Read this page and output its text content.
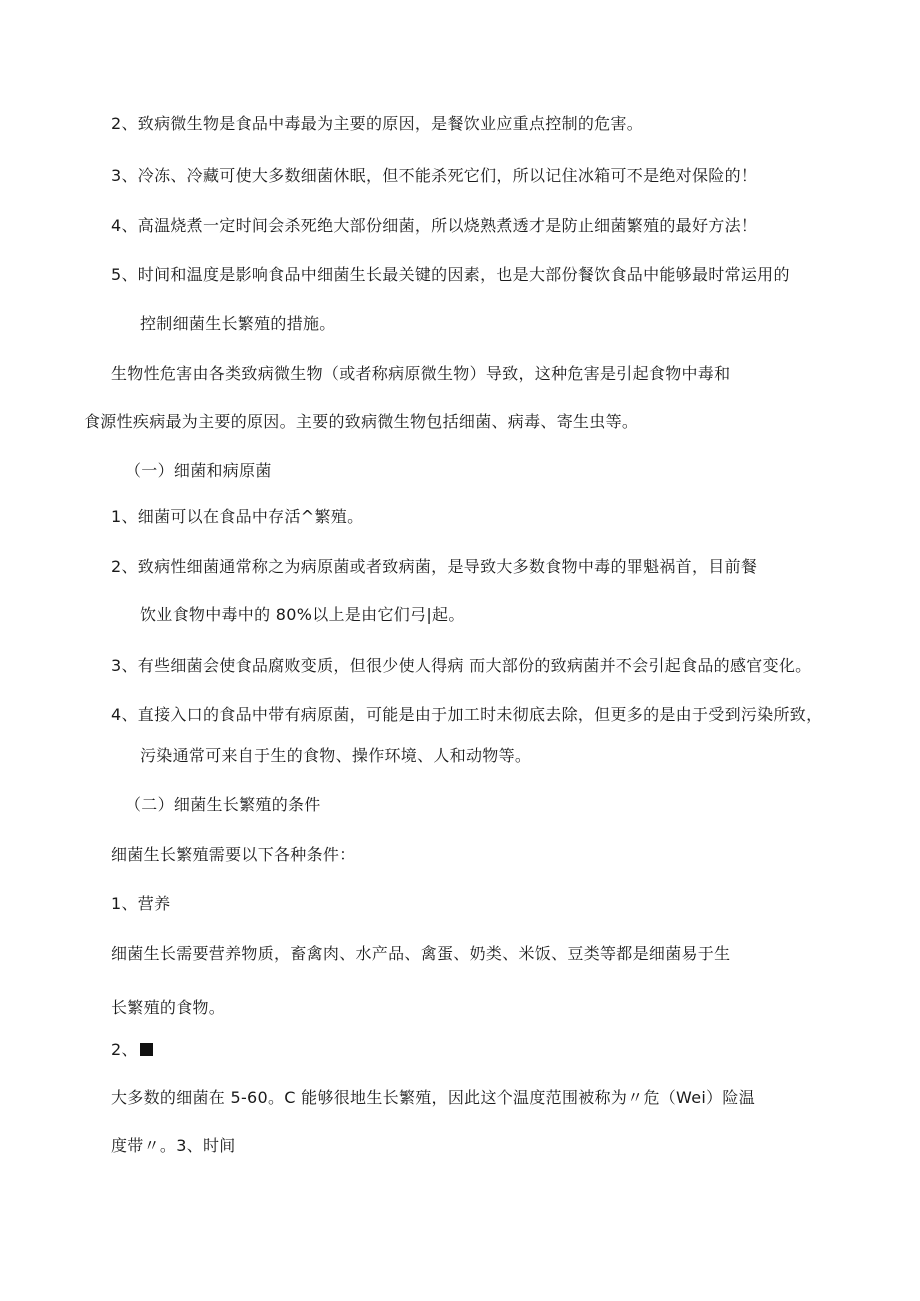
2、致病微生物是食品中毒最为主要的原因，是餐饮业应重点控制的危害。
3、冷冻、冷藏可使大多数细菌休眠，但不能杀死它们，所以记住冰箱可不是绝对保险的！
4、高温烧煮一定时间会杀死绝大部份细菌，所以烧熟煮透才是防止细菌繁殖的最好方法！
5、时间和温度是影响食品中细菌生长最关键的因素，也是大部份餐饮食品中能够最时常运用的
控制细菌生长繁殖的措施。
生物性危害由各类致病微生物（或者称病原微生物）导致，这种危害是引起食物中毒和
食源性疾病最为主要的原因。主要的致病微生物包括细菌、病毒、寄生虫等。
（一）细菌和病原菌
1、细菌可以在食品中存活^繁殖。
2、致病性细菌通常称之为病原菌或者致病菌，是导致大多数食物中毒的罪魁祸首，目前餐
饮业食物中毒中的 80%以上是由它们弓|起。
3、有些细菌会使食品腐败变质，但很少使人得病 而大部份的致病菌并不会引起食品的感官变化。
4、直接入口的食品中带有病原菌，可能是由于加工时未彻底去除，但更多的是由于受到污染所致，
污染通常可来自于生的食物、操作环境、人和动物等。
（二）细菌生长繁殖的条件
细菌生长繁殖需要以下各种条件：
1、营养
细菌生长需要营养物质，畜禽肉、水产品、禽蛋、奶类、米饭、豆类等都是细菌易于生
长繁殖的食物。
2、
大多数的细菌在 5-60。C 能够很地生长繁殖，因此这个温度范围被称为〃危（Wei）险温
度带〃。3、时间
